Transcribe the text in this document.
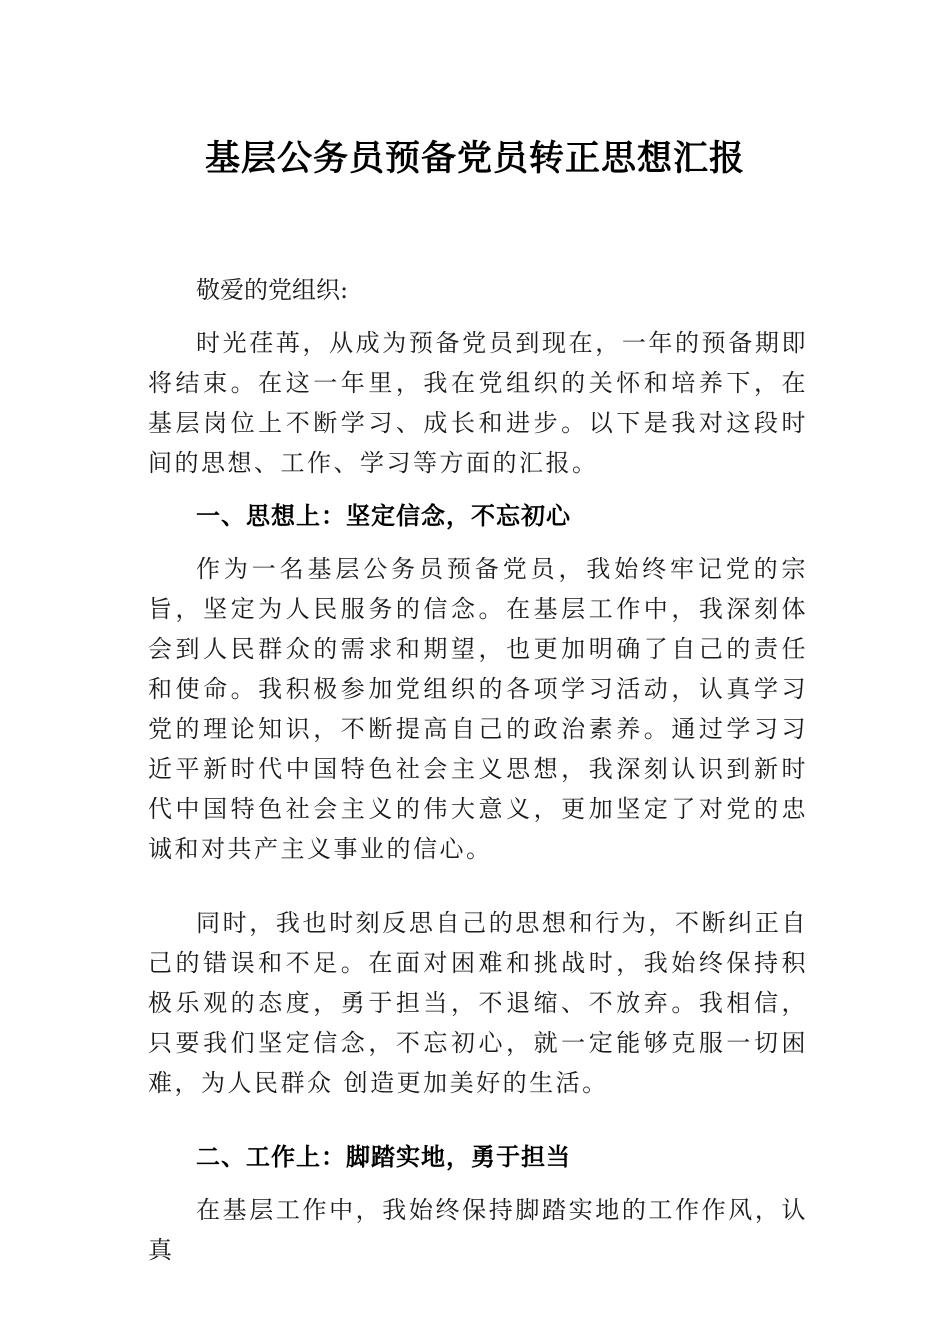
基层公务员预备党员转正思想汇报

敬爱的党组织:

时光荏苒，从成为预备党员到现在，一年的预备期即将结束。在这一年里，我在党组织的关怀和培养下，在基层岗位上不断学习、成长和进步。以下是我对这段时间的思想、工作、学习等方面的汇报。

一、思想上：坚定信念，不忘初心

作为一名基层公务员预备党员，我始终牢记党的宗旨，坚定为人民服务的信念。在基层工作中，我深刻体会到人民群众的需求和期望，也更加明确了自己的责任和使命。我积极参加党组织的各项学习活动，认真学习党的理论知识，不断提高自己的政治素养。通过学习习近平新时代中国特色社会主义思想，我深刻认识到新时代中国特色社会主义的伟大意义，更加坚定了对党的忠诚和对共产主义事业的信心。

同时，我也时刻反思自己的思想和行为，不断纠正自己的错误和不足。在面对困难和挑战时，我始终保持积极乐观的态度，勇于担当，不退缩、不放弃。我相信，只要我们坚定信念，不忘初心，就一定能够克服一切困难，为人民群众 创造更加美好的生活。

二、工作上：脚踏实地，勇于担当

在基层工作中，我始终保持脚踏实地的工作作风，认真
